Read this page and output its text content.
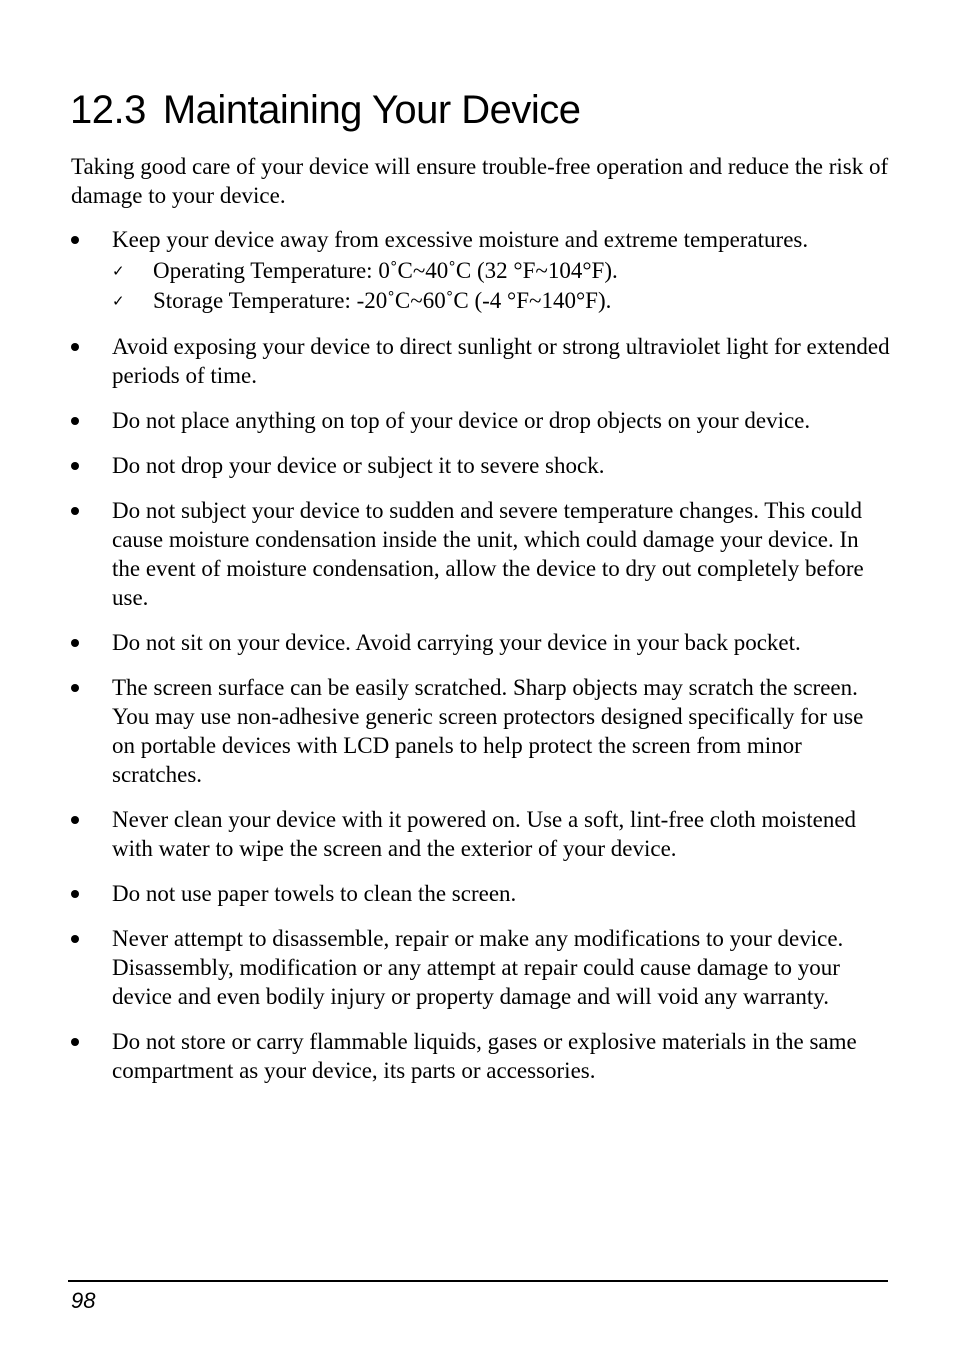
12.3 Maintaining Your Device

Taking good care of your device will ensure trouble-free operation and reduce the risk of damage to your device.

Keep your device away from excessive moisture and extreme temperatures.
✓ Operating Temperature: 0˚C~40˚C (32 °F~104°F).
✓ Storage Temperature: -20˚C~60˚C (-4 °F~140°F).
Avoid exposing your device to direct sunlight or strong ultraviolet light for extended periods of time.
Do not place anything on top of your device or drop objects on your device.
Do not drop your device or subject it to severe shock.
Do not subject your device to sudden and severe temperature changes. This could cause moisture condensation inside the unit, which could damage your device. In the event of moisture condensation, allow the device to dry out completely before use.
Do not sit on your device. Avoid carrying your device in your back pocket.
The screen surface can be easily scratched. Sharp objects may scratch the screen. You may use non-adhesive generic screen protectors designed specifically for use on portable devices with LCD panels to help protect the screen from minor scratches.
Never clean your device with it powered on. Use a soft, lint-free cloth moistened with water to wipe the screen and the exterior of your device.
Do not use paper towels to clean the screen.
Never attempt to disassemble, repair or make any modifications to your device. Disassembly, modification or any attempt at repair could cause damage to your device and even bodily injury or property damage and will void any warranty.
Do not store or carry flammable liquids, gases or explosive materials in the same compartment as your device, its parts or accessories.
98
